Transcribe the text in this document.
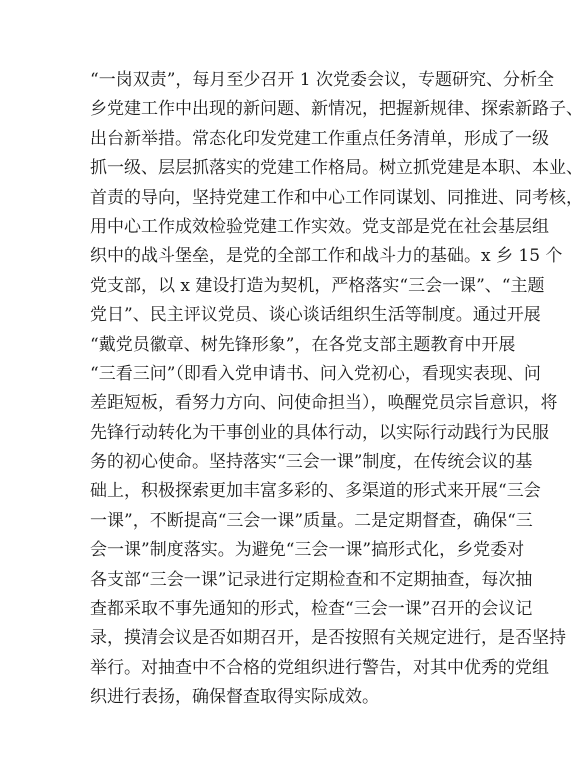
“一岗双责”，每月至少召开 1 次党委会议，专题研究、分析全
乡党建工作中出现的新问题、新情况，把握新规律、探索新路子、
出台新举措。常态化印发党建工作重点任务清单，形成了一级
抓一级、层层抓落实的党建工作格局。树立抓党建是本职、本业、
首责的导向，坚持党建工作和中心工作同谋划、同推进、同考核，
用中心工作成效检验党建工作实效。党支部是党在社会基层组
织中的战斗堡垒，是党的全部工作和战斗力的基础。x 乡 15 个
党支部，以 x 建设打造为契机，严格落实“三会一课”、“主题
党日”、民主评议党员、谈心谈话组织生活等制度。通过开展
“戴党员徽章、树先锋形象”，在各党支部主题教育中开展
“三看三问”（即看入党申请书、问入党初心，看现实表现、问
差距短板，看努力方向、问使命担当），唤醒党员宗旨意识，将
先锋行动转化为干事创业的具体行动，以实际行动践行为民服
务的初心使命。坚持落实“三会一课”制度，在传统会议的基
础上，积极探索更加丰富多彩的、多渠道的形式来开展“三会
一课”，不断提高“三会一课”质量。二是定期督查，确保“三
会一课”制度落实。为避免“三会一课”搞形式化，乡党委对
各支部“三会一课”记录进行定期检查和不定期抽查，每次抽
查都采取不事先通知的形式，检查“三会一课”召开的会议记
录，摸清会议是否如期召开，是否按照有关规定进行，是否坚持
举行。对抽查中不合格的党组织进行警告，对其中优秀的党组
织进行表扬，确保督查取得实际成效。
